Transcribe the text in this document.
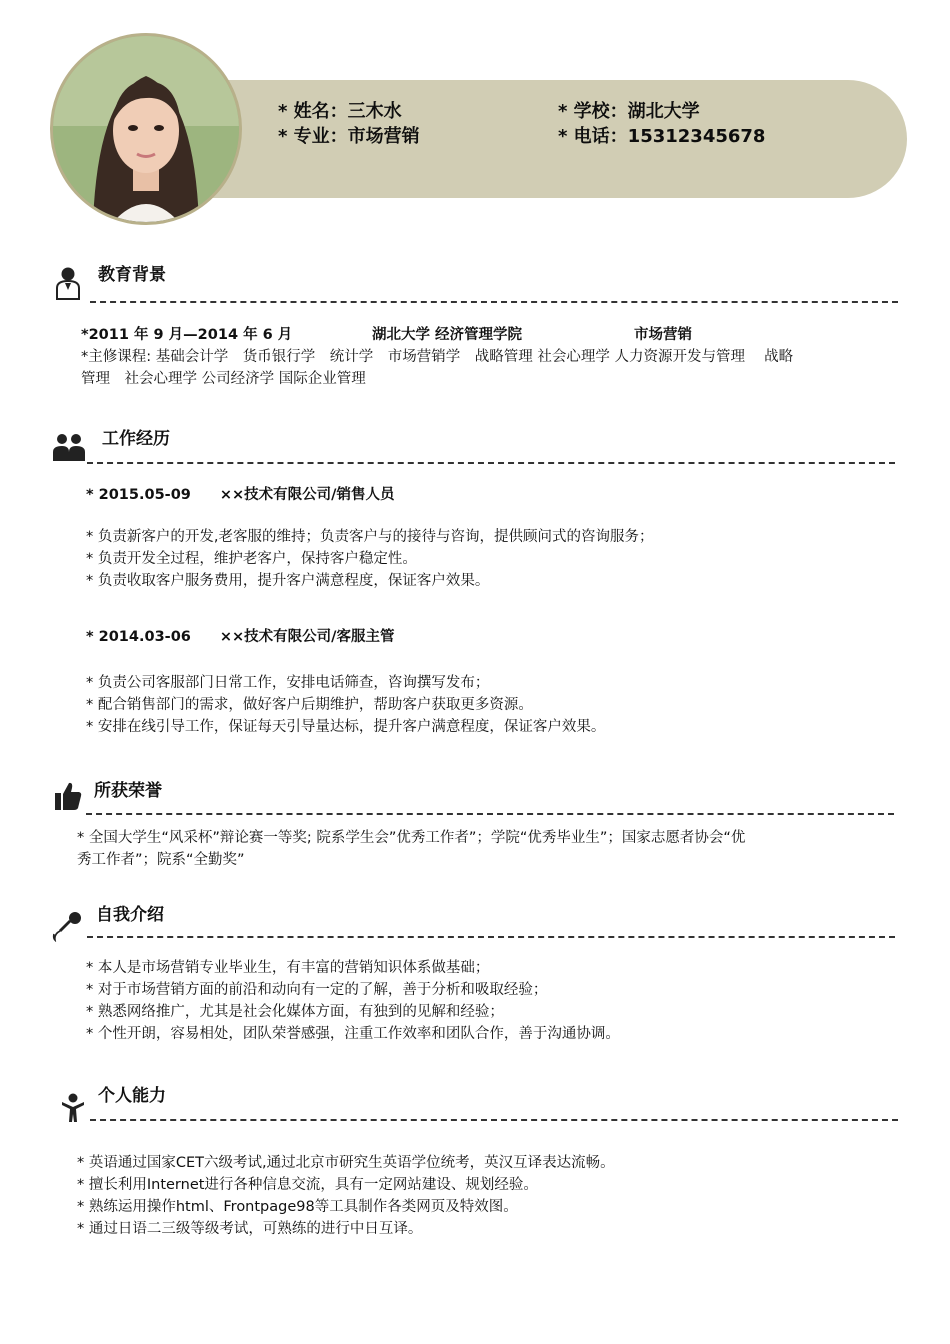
* 姓名：三木水
* 专业：市场营销
* 学校：湖北大学
* 电话：15312345678
教育背景
*2011 年 9 月—2014 年 6 月	湖北大学 经济管理学院	市场营销
*主修课程: 基础会计学　货币银行学　统计学　市场营销学　战略管理 社会心理学 人力资源开发与管理　 战略
管理　社会心理学 公司经济学 国际企业管理
工作经历
* 2015.05-09　　××技术有限公司/销售人员
* 负责新客户的开发,老客服的维持；负责客户与的接待与咨询，提供顾问式的咨询服务；
* 负责开发全过程，维护老客户，保持客户稳定性。
* 负责收取客户服务费用，提升客户满意程度，保证客户效果。
* 2014.03-06　　××技术有限公司/客服主管
* 负责公司客服部门日常工作，安排电话筛查，咨询撰写发布；
* 配合销售部门的需求，做好客户后期维护，帮助客户获取更多资源。
* 安排在线引导工作，保证每天引导量达标，提升客户满意程度，保证客户效果。
所获荣誉
* 全国大学生“风采杯”辩论赛一等奖; 院系学生会”优秀工作者”；学院“优秀毕业生”；国家志愿者协会“优
秀工作者”；院系“全勤奖”
自我介绍
* 本人是市场营销专业毕业生，有丰富的营销知识体系做基础；
* 对于市场营销方面的前沿和动向有一定的了解，善于分析和吸取经验；
* 熟悉网络推广，尤其是社会化媒体方面，有独到的见解和经验；
* 个性开朗，容易相处，团队荣誉感强，注重工作效率和团队合作，善于沟通协调。
个人能力
* 英语通过国家CET六级考试,通过北京市研究生英语学位统考，英汉互译表达流畅。
* 擅长利用Internet进行各种信息交流，具有一定网站建设、规划经验。
* 熟练运用操作html、Frontpage98等工具制作各类网页及特效图。
* 通过日语二三级等级考试，可熟练的进行中日互译。
